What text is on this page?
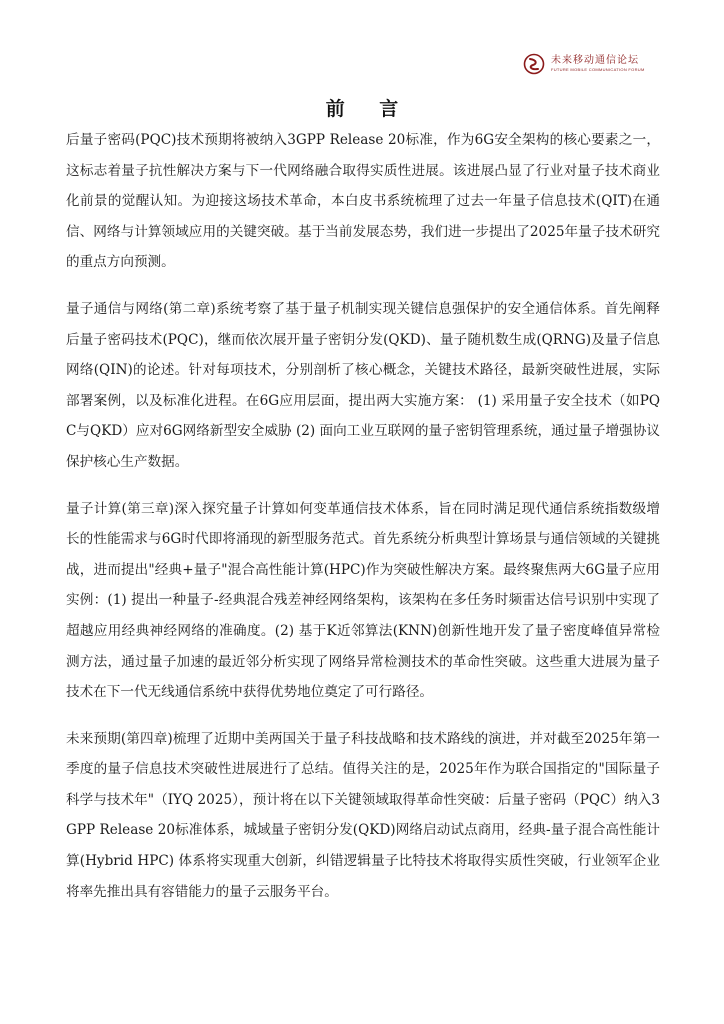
未来移动通信论坛
FUTURE MOBILE COMMUNICATION FORUM
前 言

后量子密码(PQC)技术预期将被纳入3GPP Release 20标准，作为6G安全架构的核心要素之一，这标志着量子抗性解决方案与下一代网络融合取得实质性进展。该进展凸显了行业对量子技术商业化前景的觉醒认知。为迎接这场技术革命，本白皮书系统梳理了过去一年量子信息技术(QIT)在通信、网络与计算领域应用的关键突破。基于当前发展态势，我们进一步提出了2025年量子技术研究的重点方向预测。

量子通信与网络(第二章)系统考察了基于量子机制实现关键信息强保护的安全通信体系。首先阐释后量子密码技术(PQC)，继而依次展开量子密钥分发(QKD)、量子随机数生成(QRNG)及量子信息网络(QIN)的论述。针对每项技术，分别剖析了核心概念，关键技术路径，最新突破性进展，实际部署案例，以及标准化进程。在6G应用层面，提出两大实施方案： (1) 采用量子安全技术（如PQC与QKD）应对6G网络新型安全威胁 (2) 面向工业互联网的量子密钥管理系统，通过量子增强协议保护核心生产数据。

量子计算(第三章)深入探究量子计算如何变革通信技术体系，旨在同时满足现代通信系统指数级增长的性能需求与6G时代即将涌现的新型服务范式。首先系统分析典型计算场景与通信领域的关键挑战，进而提出"经典+量子"混合高性能计算(HPC)作为突破性解决方案。最终聚焦两大6G量子应用实例：(1) 提出一种量子-经典混合残差神经网络架构，该架构在多任务时频雷达信号识别中实现了超越应用经典神经网络的准确度。(2) 基于K近邻算法(KNN)创新性地开发了量子密度峰值异常检测方法，通过量子加速的最近邻分析实现了网络异常检测技术的革命性突破。这些重大进展为量子技术在下一代无线通信系统中获得优势地位奠定了可行路径。

未来预期(第四章)梳理了近期中美两国关于量子科技战略和技术路线的演进，并对截至2025年第一季度的量子信息技术突破性进展进行了总结。值得关注的是，2025年作为联合国指定的"国际量子科学与技术年"（IYQ 2025），预计将在以下关键领域取得革命性突破：后量子密码（PQC）纳入3GPP Release 20标准体系，城域量子密钥分发(QKD)网络启动试点商用，经典-量子混合高性能计算(Hybrid HPC) 体系将实现重大创新，纠错逻辑量子比特技术将取得实质性突破，行业领军企业将率先推出具有容错能力的量子云服务平台。
